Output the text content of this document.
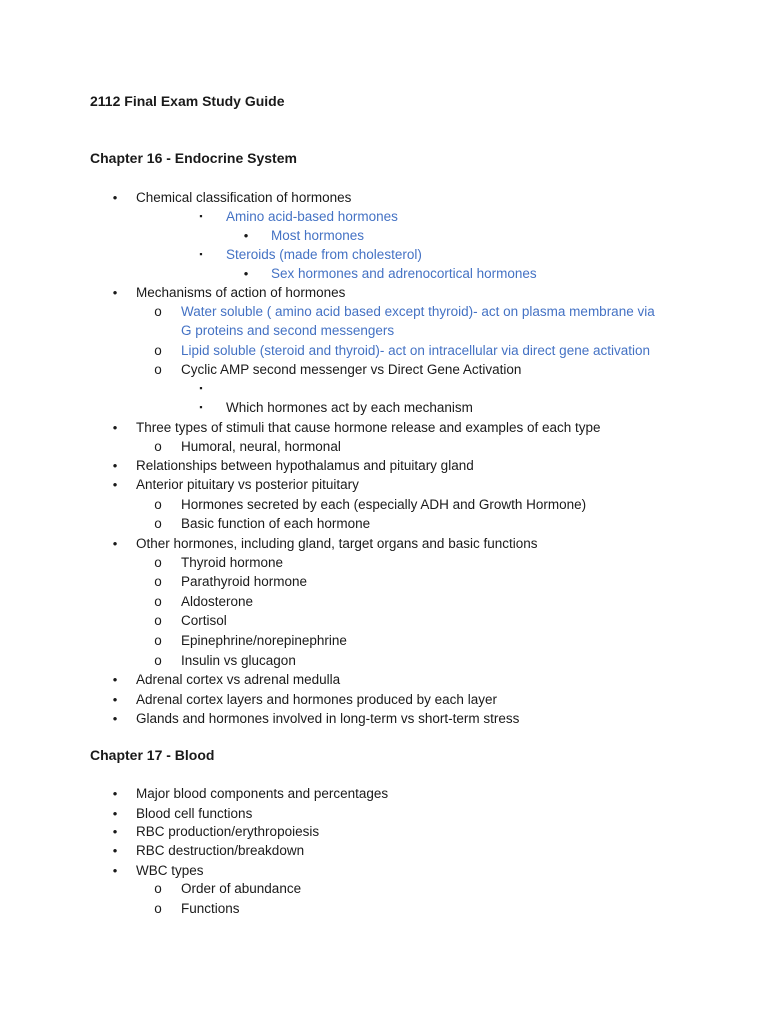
2112 Final Exam Study Guide
Chapter 16 - Endocrine System
•	Chemical classification of hormones
▪	Amino acid-based hormones
•	Most hormones
▪	Steroids (made from cholesterol)
•	Sex hormones and adrenocortical hormones
•	Mechanisms of action of hormones
o Water soluble ( amino acid based except thyroid)- act on plasma membrane via
G proteins and second messengers
o Lipid soluble (steroid and thyroid)- act on intracellular via direct gene activation
o Cyclic AMP second messenger vs Direct Gene Activation
▪
▪	Which hormones act by each mechanism
•	Three types of stimuli that cause hormone release and examples of each type
o Humoral, neural, hormonal
•	Relationships between hypothalamus and pituitary gland
•	Anterior pituitary vs posterior pituitary
o Hormones secreted by each (especially ADH and Growth Hormone)
o Basic function of each hormone
•	Other hormones, including gland, target organs and basic functions
o Thyroid hormone
o Parathyroid hormone
o Aldosterone
o Cortisol
o Epinephrine/norepinephrine
o Insulin vs glucagon
•	Adrenal cortex vs adrenal medulla
•	Adrenal cortex layers and hormones produced by each layer
•	Glands and hormones involved in long-term vs short-term stress
Chapter 17 - Blood
•	Major blood components and percentages
•	Blood cell functions
•	RBC production/erythropoiesis
•	RBC destruction/breakdown
•	WBC types
o Order of abundance
o Functions
